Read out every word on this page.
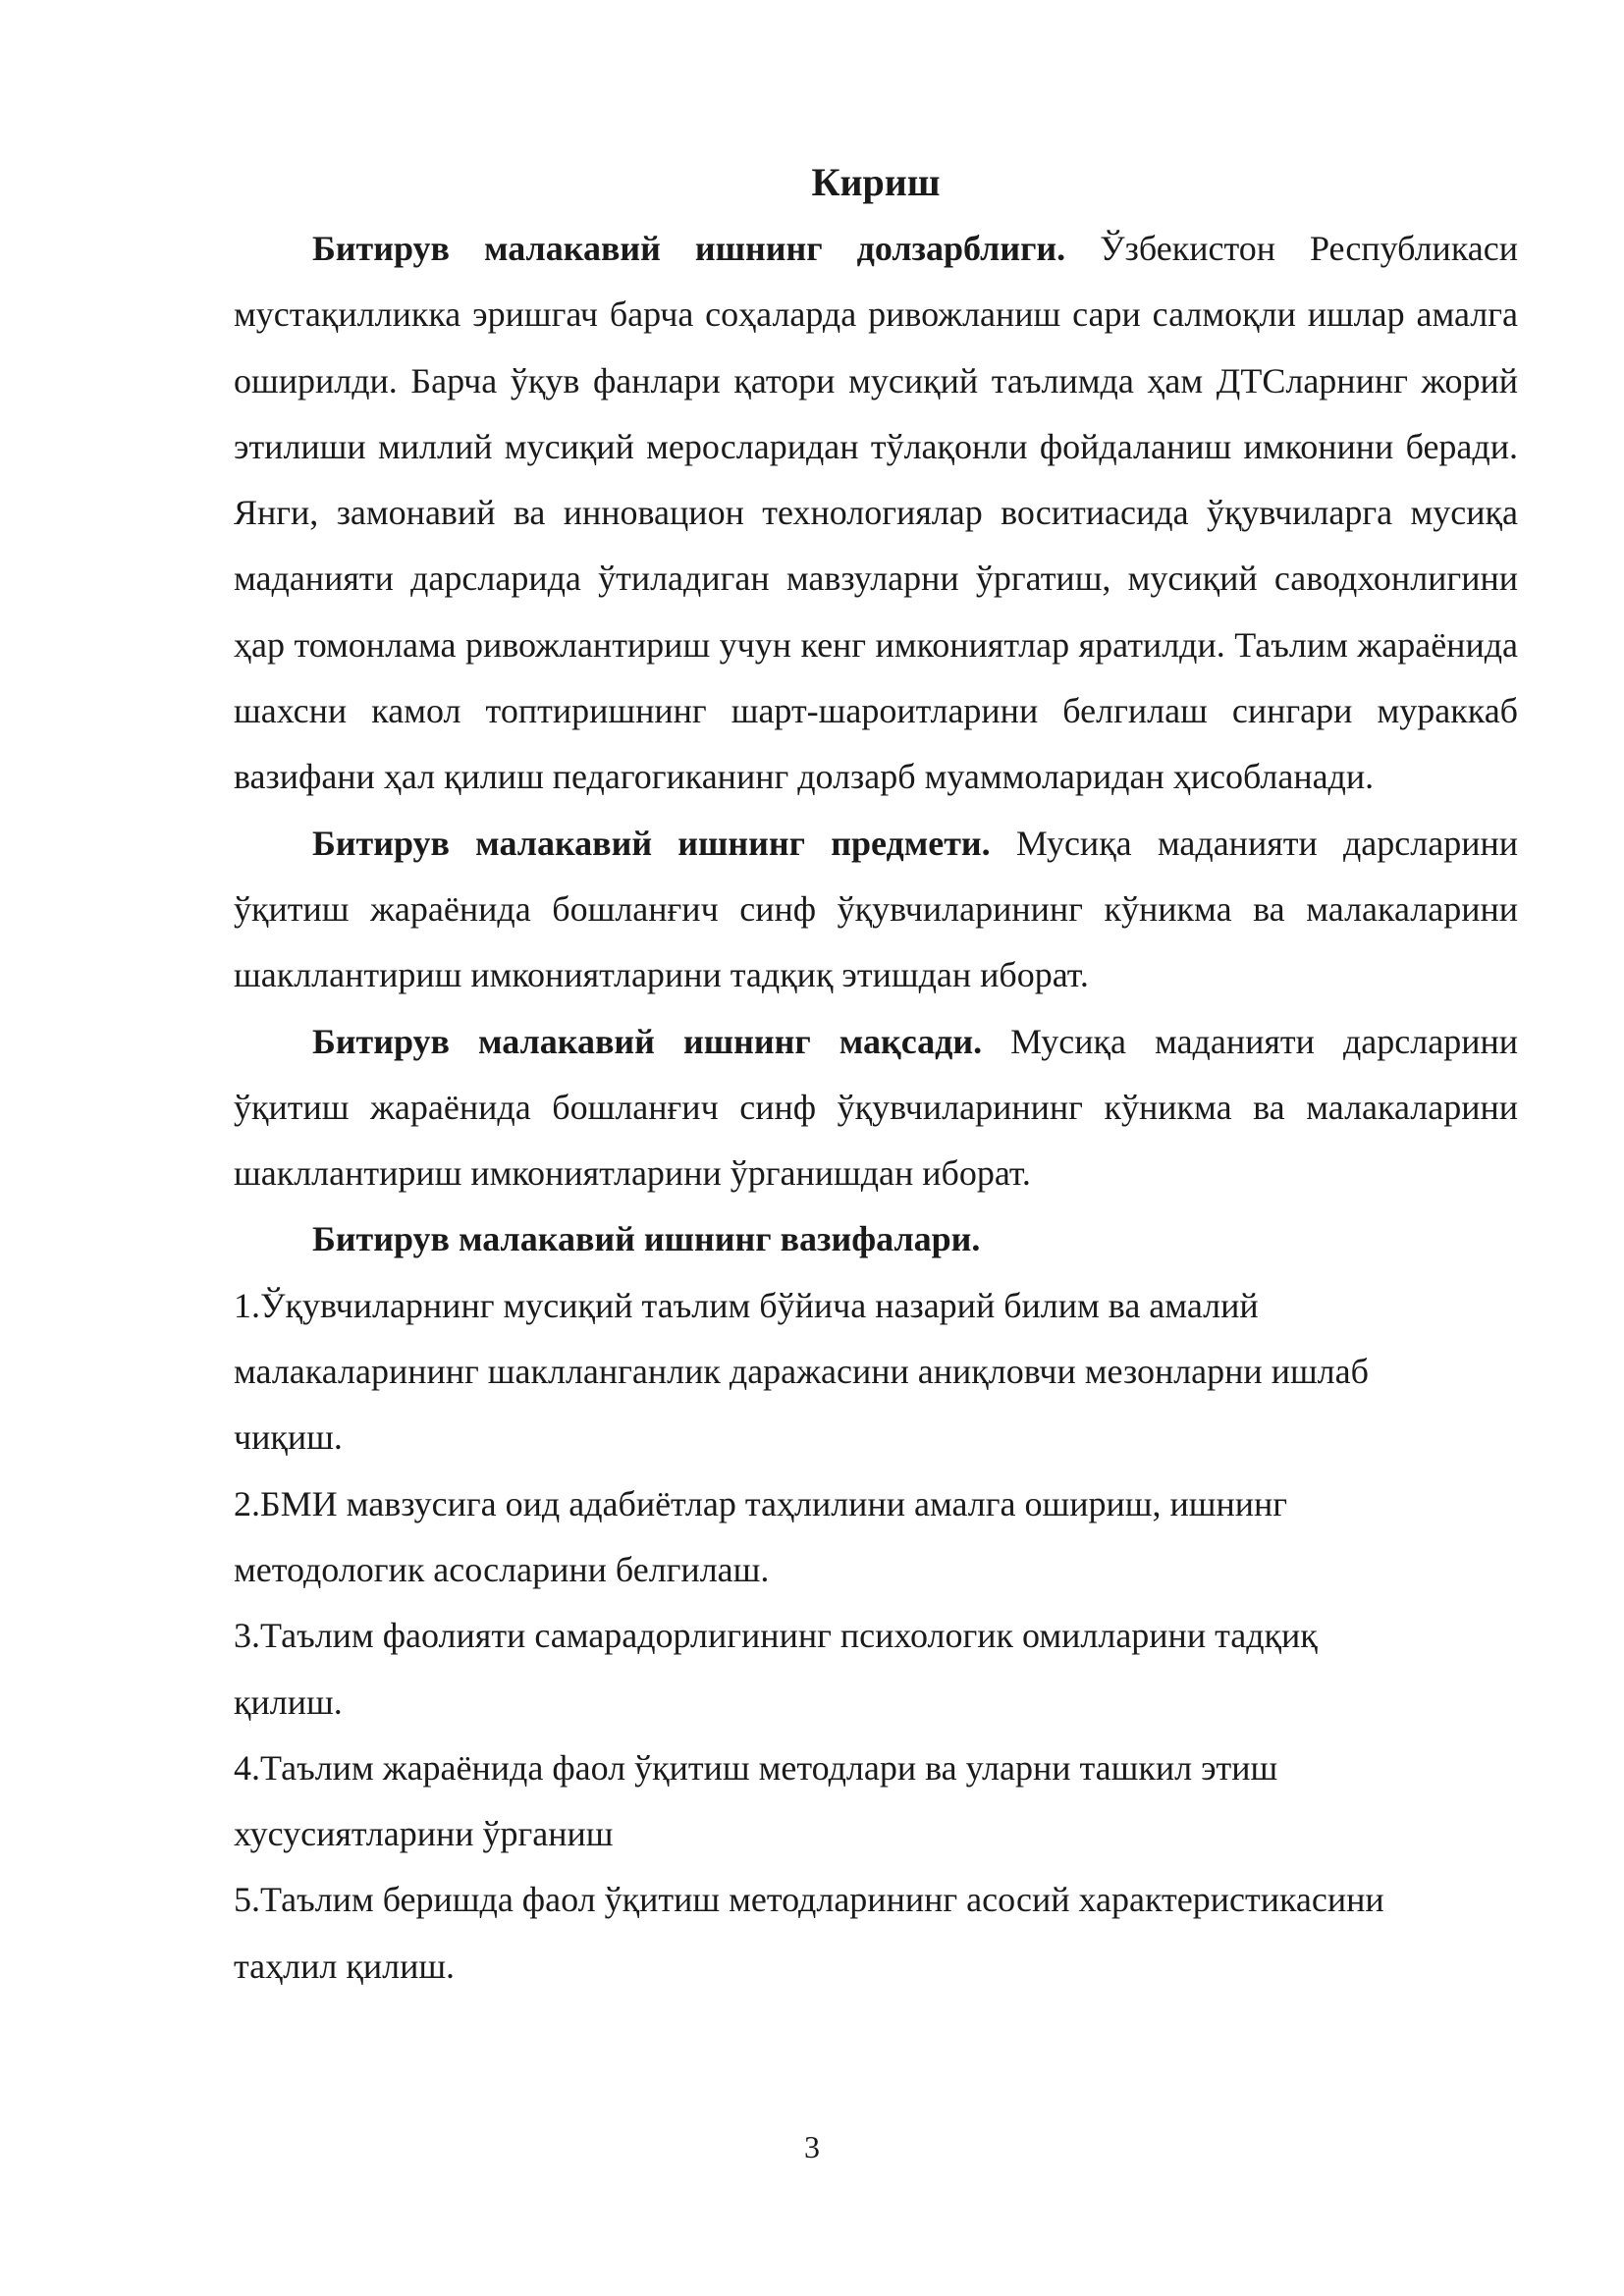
Кириш

Битирув малакавий ишнинг долзарблиги. Ўзбекистон Республикаси мустақилликка эришгач барча соҳаларда ривожланиш сари салмоқли ишлар амалга оширилди. Барча ўқув фанлари қатори мусиқий таълимда ҳам ДТСларнинг жорий этилиши миллий мусиқий меросларидан тўлақонли фойдаланиш имконини беради. Янги, замонавий ва инновацион технологиялар воситиасида ўқувчиларга мусиқа маданияти дарсларида ўтиладиган мавзуларни ўргатиш, мусиқий саводхонлигини ҳар томонлама ривожлантириш учун кенг имкониятлар яратилди. Таълим жараёнида шахсни камол топтиришнинг шарт-шароитларини белгилаш сингари мураккаб вазифани ҳал қилиш педагогиканинг долзарб муаммоларидан ҳисобланади.

Битирув малакавий ишнинг предмети. Мусиқа маданияти дарсларини ўқитиш жараёнида бошланғич синф ўқувчиларининг кўникма ва малакаларини шакллантириш имкониятларини тадқиқ этишдан иборат.

Битирув малакавий ишнинг мақсади. Мусиқа маданияти дарсларини ўқитиш жараёнида бошланғич синф ўқувчиларининг кўникма ва малакаларини шакллантириш имкониятларини ўрганишдан иборат.

Битирув малакавий ишнинг вазифалари.

1.Ўқувчиларнинг мусиқий таълим бўйича назарий билим ва амалий

малакаларининг шаклланганлик даражасини аниқловчи мезонларни ишлаб

чиқиш.

2.БМИ мавзусига оид адабиётлар таҳлилини амалга ошириш, ишнинг

методологик асосларини белгилаш.

3.Таълим фаолияти самарадорлигининг психологик омилларини тадқиқ

қилиш.

4.Таълим жараёнида фаол ўқитиш методлари ва уларни ташкил этиш

хусусиятларини ўрганиш

5.Таълим беришда фаол ўқитиш методларининг асосий характеристикасини

таҳлил қилиш.

3
